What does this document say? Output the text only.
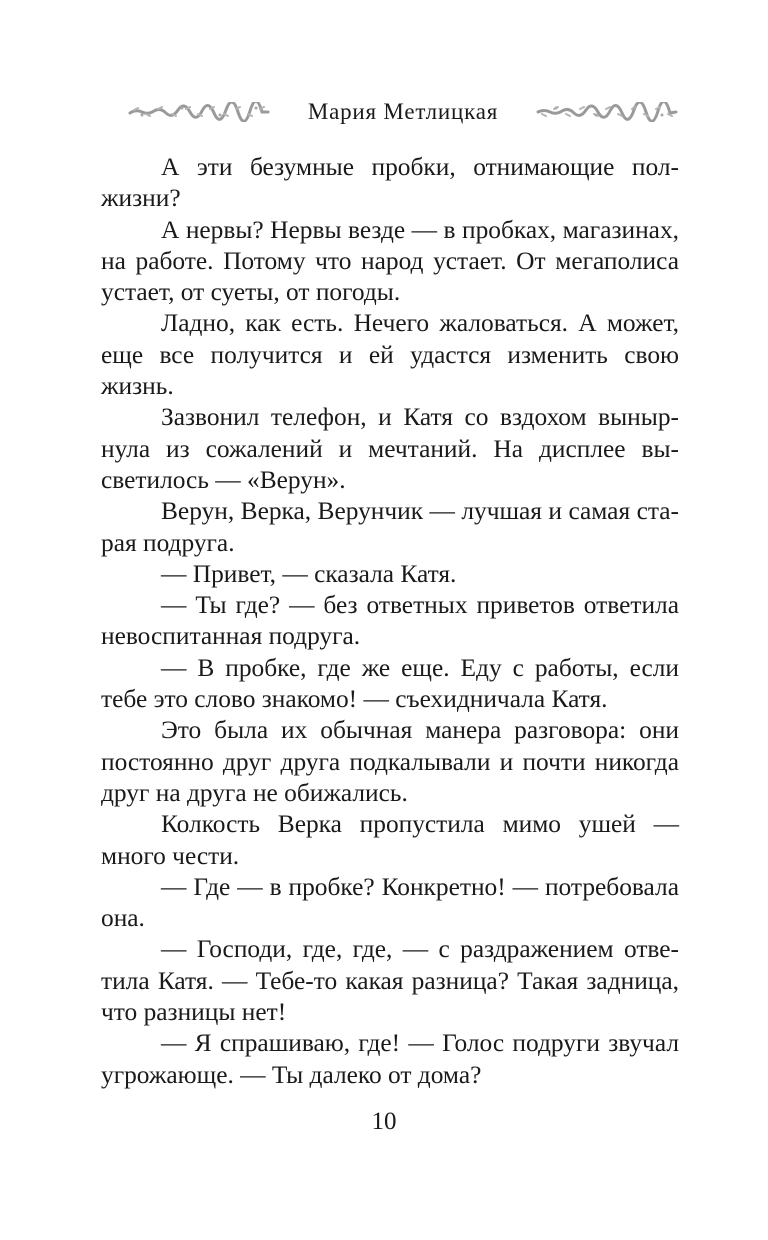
Мария Метлицкая

А эти безумные пробки, отнимающие полжизни?

А нервы? Нервы везде — в пробках, магазинах, на работе. Потому что народ устает. От мегаполиса устает, от суеты, от погоды.

Ладно, как есть. Нечего жаловаться. А может, еще все получится и ей удастся изменить свою жизнь.

Зазвонил телефон, и Катя со вздохом вынырнула из сожалений и мечтаний. На дисплее высветилось — «Верун».

Верун, Верка, Верунчик — лучшая и самая старая подруга.

— Привет, — сказала Катя.

— Ты где? — без ответных приветов ответила невоспитанная подруга.

— В пробке, где же еще. Еду с работы, если тебе это слово знакомо! — съехидничала Катя.

Это была их обычная манера разговора: они постоянно друг друга подкалывали и почти никогда друг на друга не обижались.

Колкость Верка пропустила мимо ушей — много чести.

— Где — в пробке? Конкретно! — потребовала она.

— Господи, где, где, — с раздражением ответила Катя. — Тебе-то какая разница? Такая задница, что разницы нет!

— Я спрашиваю, где! — Голос подруги звучал угрожающе. — Ты далеко от дома?

10
